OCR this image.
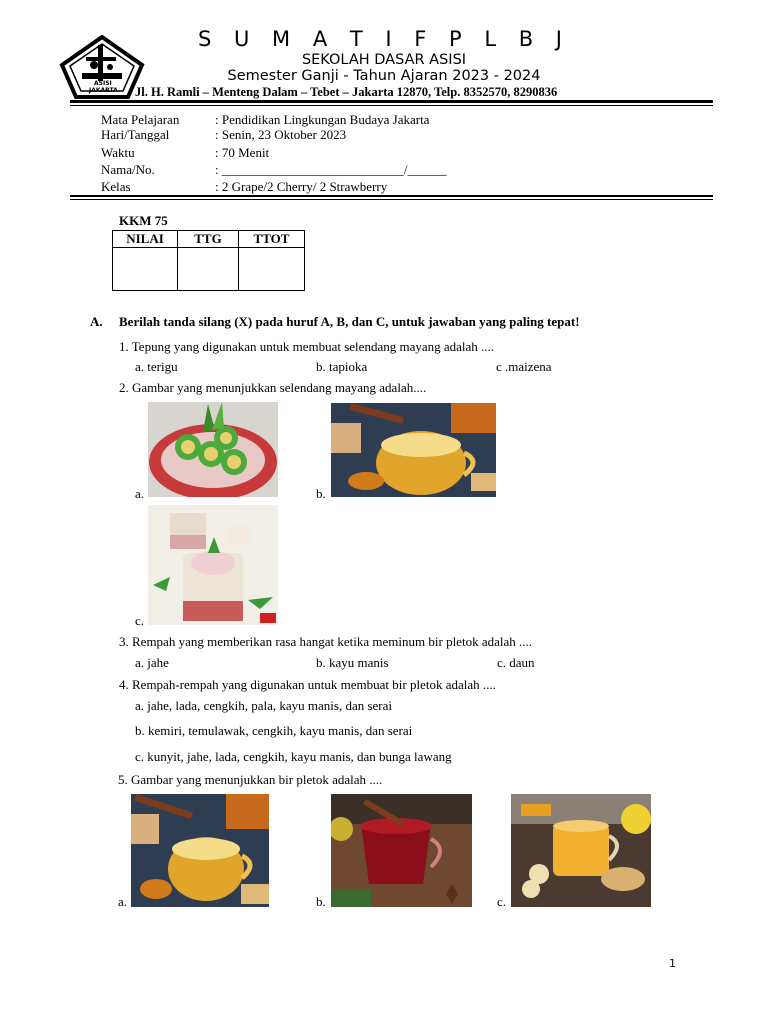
ASISI
JAKARTA
S U M A T I F P L B J
SEKOLAH DASAR ASISI
Semester Ganji - Tahun Ajaran 2023 - 2024
Jl. H. Ramli – Menteng Dalam – Tebet – Jakarta 12870, Telp. 8352570, 8290836
Mata Pelajaran	: Pendidikan Lingkungan Budaya Jakarta
Hari/Tanggal	: Senin, 23 Oktober 2023
Waktu	: 70 Menit
Nama/No.	: ____________________________/______
Kelas	: 2 Grape/2 Cherry/ 2 Strawberry
KKM 75
NILAI	TTG	TTOT

A. Berilah tanda silang (X) pada huruf A, B, dan C, untuk jawaban yang paling tepat!
1. Tepung yang digunakan untuk membuat selendang mayang adalah ....
a. terigu	b. tapioka	c .maizena
2. Gambar yang menunjukkan selendang mayang adalah....
a.	b.
c.
3. Rempah yang memberikan rasa hangat ketika meminum bir pletok adalah ....
a. jahe	b. kayu manis	c. daun
4. Rempah-rempah yang digunakan untuk membuat bir pletok adalah ....
a. jahe, lada, cengkih, pala, kayu manis, dan serai
b. kemiri, temulawak, cengkih, kayu manis, dan serai
c. kunyit, jahe, lada, cengkih, kayu manis, dan bunga lawang
5. Gambar yang menunjukkan bir pletok adalah ....
a.	b.	c.
1
